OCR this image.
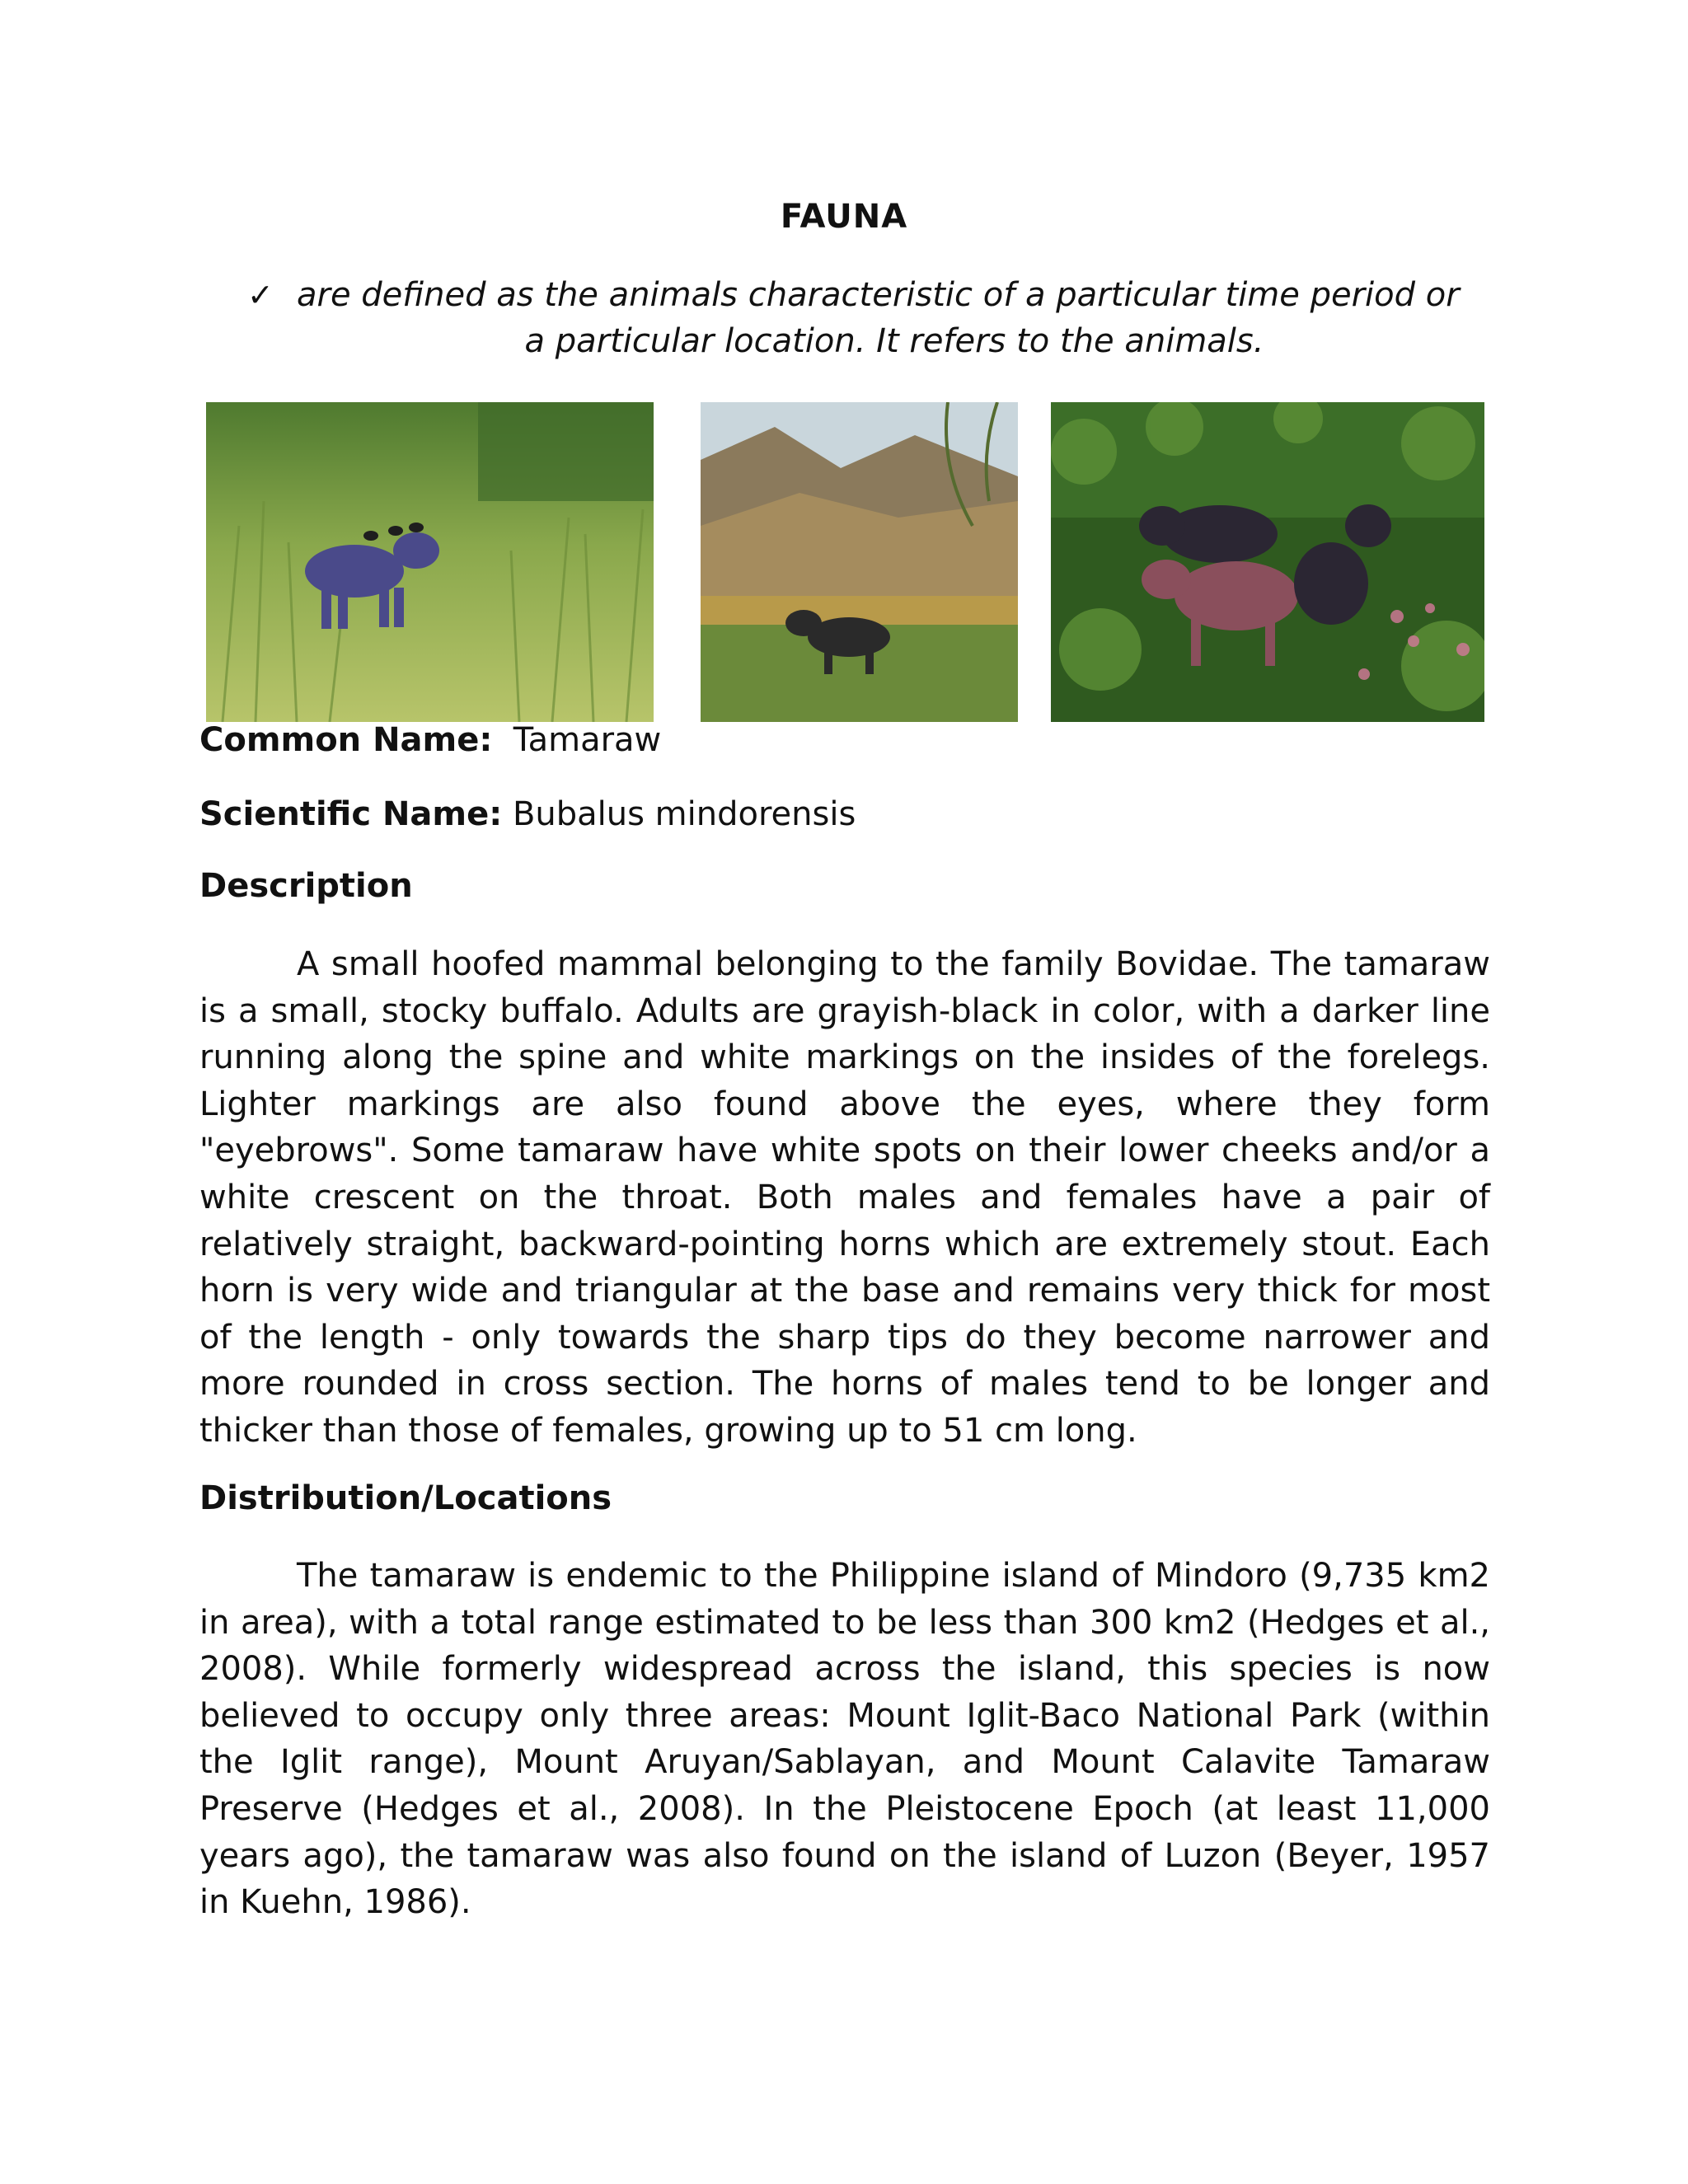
FAUNA
✓ are defined as the animals characteristic of a particular time period or
a particular location. It refers to the animals.
Common Name: Tamaraw
Scientific Name: Bubalus mindorensis
Description
A small hoofed mammal belonging to the family Bovidae. The tamaraw is a small, stocky buffalo. Adults are grayish-black in color, with a darker line running along the spine and white markings on the insides of the forelegs. Lighter markings are also found above the eyes, where they form "eyebrows". Some tamaraw have white spots on their lower cheeks and/or a white crescent on the throat. Both males and females have a pair of relatively straight, backward-pointing horns which are extremely stout. Each horn is very wide and triangular at the base and remains very thick for most of the length - only towards the sharp tips do they become narrower and more rounded in cross section. The horns of males tend to be longer and thicker than those of females, growing up to 51 cm long.
Distribution/Locations
The tamaraw is endemic to the Philippine island of Mindoro (9,735 km2 in area), with a total range estimated to be less than 300 km2 (Hedges et al., 2008). While formerly widespread across the island, this species is now believed to occupy only three areas: Mount Iglit-Baco National Park (within the Iglit range), Mount Aruyan/Sablayan, and Mount Calavite Tamaraw Preserve (Hedges et al., 2008). In the Pleistocene Epoch (at least 11,000 years ago), the tamaraw was also found on the island of Luzon (Beyer, 1957 in Kuehn, 1986).
